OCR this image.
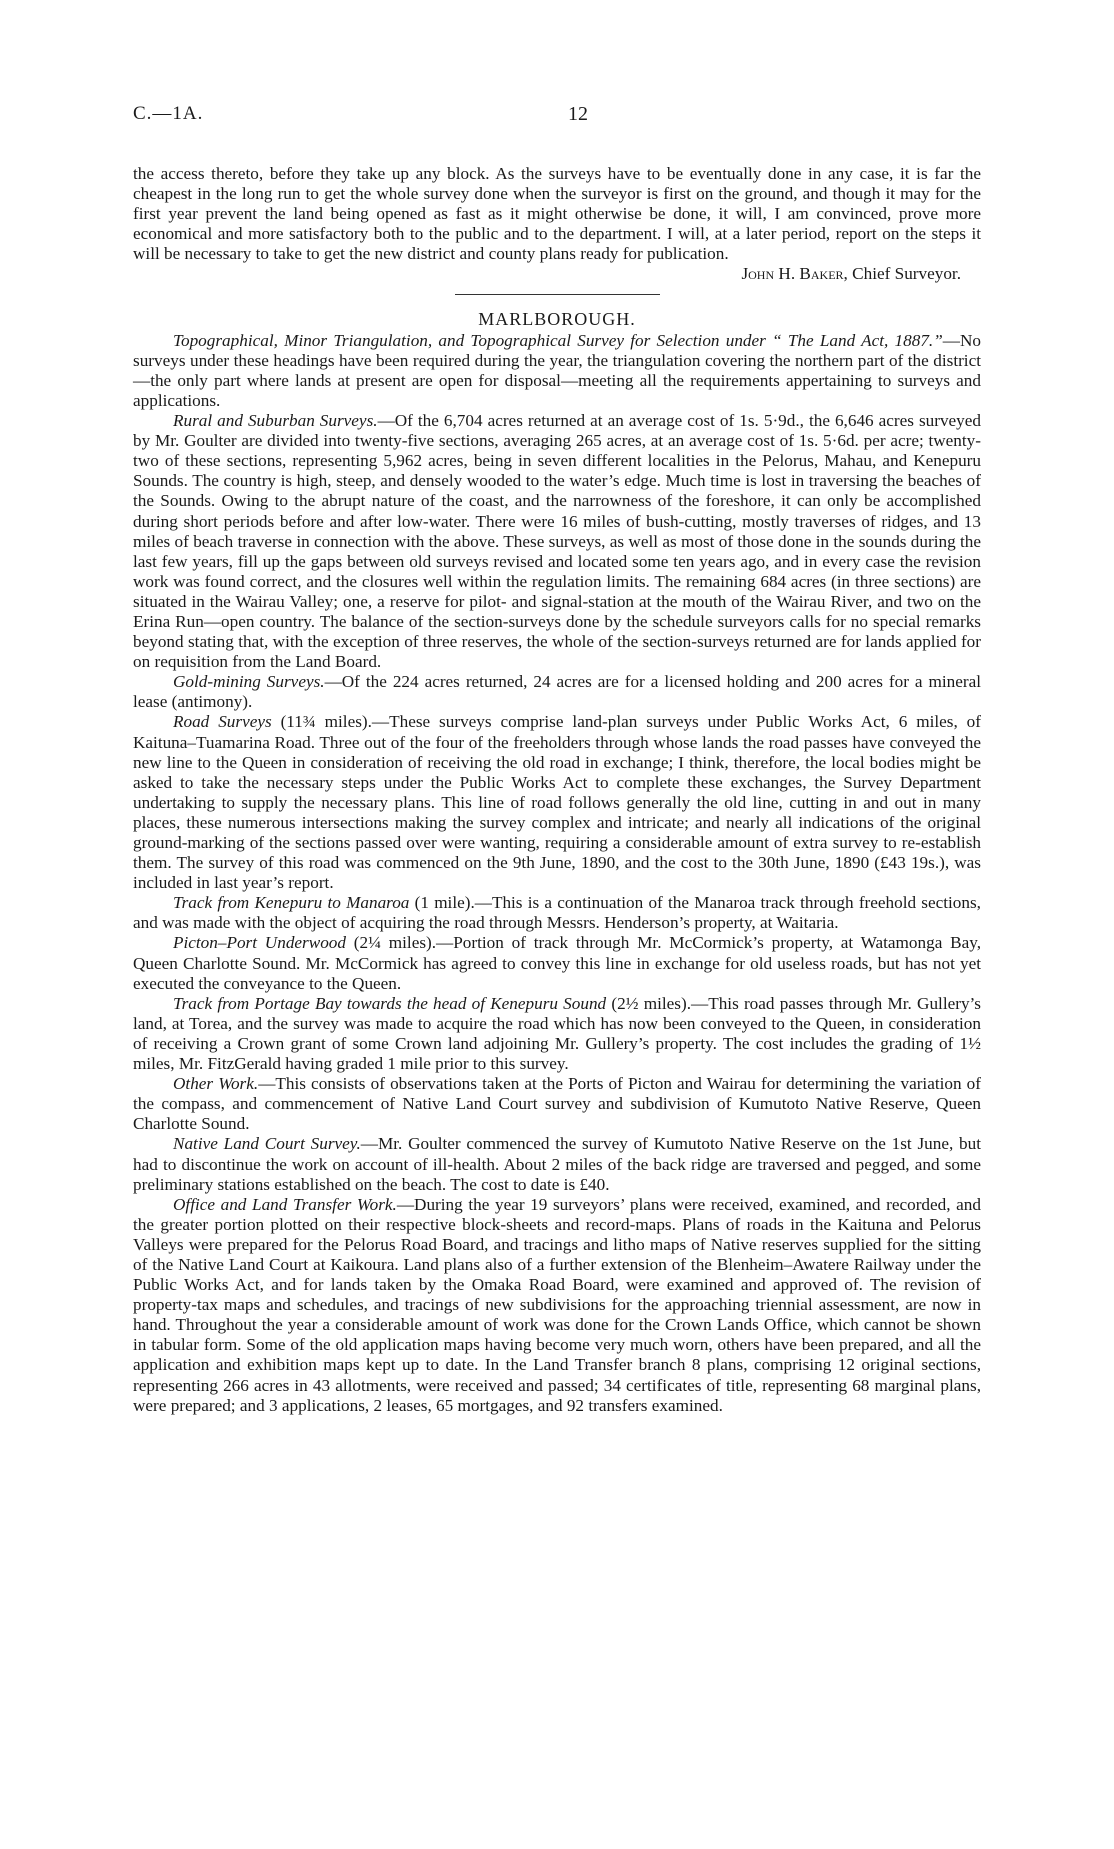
C.—1A.	12

the access thereto, before they take up any block. As the surveys have to be eventually done in any case, it is far the cheapest in the long run to get the whole survey done when the surveyor is first on the ground, and though it may for the first year prevent the land being opened as fast as it might otherwise be done, it will, I am convinced, prove more economical and more satisfactory both to the public and to the department. I will, at a later period, report on the steps it will be necessary to take to get the new district and county plans ready for publication.

John H. Baker, Chief Surveyor.

MARLBOROUGH.

Topographical, Minor Triangulation, and Topographical Survey for Selection under “ The Land Act, 1887.”—No surveys under these headings have been required during the year, the triangulation covering the northern part of the district—the only part where lands at present are open for disposal—meeting all the requirements appertaining to surveys and applications.

Rural and Suburban Surveys.—Of the 6,704 acres returned at an average cost of 1s. 5·9d., the 6,646 acres surveyed by Mr. Goulter are divided into twenty-five sections, averaging 265 acres, at an average cost of 1s. 5·6d. per acre; twenty-two of these sections, representing 5,962 acres, being in seven different localities in the Pelorus, Mahau, and Kenepuru Sounds. The country is high, steep, and densely wooded to the water’s edge. Much time is lost in traversing the beaches of the Sounds. Owing to the abrupt nature of the coast, and the narrowness of the foreshore, it can only be accomplished during short periods before and after low-water. There were 16 miles of bush-cutting, mostly traverses of ridges, and 13 miles of beach traverse in connection with the above. These surveys, as well as most of those done in the sounds during the last few years, fill up the gaps between old surveys revised and located some ten years ago, and in every case the revision work was found correct, and the closures well within the regulation limits. The remaining 684 acres (in three sections) are situated in the Wairau Valley; one, a reserve for pilot- and signal-station at the mouth of the Wairau River, and two on the Erina Run—open country. The balance of the section-surveys done by the schedule surveyors calls for no special remarks beyond stating that, with the exception of three reserves, the whole of the section-surveys returned are for lands applied for on requisition from the Land Board.

Gold-mining Surveys.—Of the 224 acres returned, 24 acres are for a licensed holding and 200 acres for a mineral lease (antimony).

Road Surveys (11¾ miles).—These surveys comprise land-plan surveys under Public Works Act, 6 miles, of Kaituna–Tuamarina Road. Three out of the four of the freeholders through whose lands the road passes have conveyed the new line to the Queen in consideration of receiving the old road in exchange; I think, therefore, the local bodies might be asked to take the necessary steps under the Public Works Act to complete these exchanges, the Survey Department undertaking to supply the necessary plans. This line of road follows generally the old line, cutting in and out in many places, these numerous intersections making the survey complex and intricate; and nearly all indications of the original ground-marking of the sections passed over were wanting, requiring a considerable amount of extra survey to re-establish them. The survey of this road was commenced on the 9th June, 1890, and the cost to the 30th June, 1890 (£43 19s.), was included in last year’s report.

Track from Kenepuru to Manaroa (1 mile).—This is a continuation of the Manaroa track through freehold sections, and was made with the object of acquiring the road through Messrs. Henderson’s property, at Waitaria.

Picton–Port Underwood (2¼ miles).—Portion of track through Mr. McCormick’s property, at Watamonga Bay, Queen Charlotte Sound. Mr. McCormick has agreed to convey this line in exchange for old useless roads, but has not yet executed the conveyance to the Queen.

Track from Portage Bay towards the head of Kenepuru Sound (2½ miles).—This road passes through Mr. Gullery’s land, at Torea, and the survey was made to acquire the road which has now been conveyed to the Queen, in consideration of receiving a Crown grant of some Crown land adjoining Mr. Gullery’s property. The cost includes the grading of 1½ miles, Mr. FitzGerald having graded 1 mile prior to this survey.

Other Work.—This consists of observations taken at the Ports of Picton and Wairau for determining the variation of the compass, and commencement of Native Land Court survey and subdivision of Kumutoto Native Reserve, Queen Charlotte Sound.

Native Land Court Survey.—Mr. Goulter commenced the survey of Kumutoto Native Reserve on the 1st June, but had to discontinue the work on account of ill-health. About 2 miles of the back ridge are traversed and pegged, and some preliminary stations established on the beach. The cost to date is £40.

Office and Land Transfer Work.—During the year 19 surveyors’ plans were received, examined, and recorded, and the greater portion plotted on their respective block-sheets and record-maps. Plans of roads in the Kaituna and Pelorus Valleys were prepared for the Pelorus Road Board, and tracings and litho maps of Native reserves supplied for the sitting of the Native Land Court at Kaikoura. Land plans also of a further extension of the Blenheim–Awatere Railway under the Public Works Act, and for lands taken by the Omaka Road Board, were examined and approved of. The revision of property-tax maps and schedules, and tracings of new subdivisions for the approaching triennial assessment, are now in hand. Throughout the year a considerable amount of work was done for the Crown Lands Office, which cannot be shown in tabular form. Some of the old application maps having become very much worn, others have been prepared, and all the application and exhibition maps kept up to date. In the Land Transfer branch 8 plans, comprising 12 original sections, representing 266 acres in 43 allotments, were received and passed; 34 certificates of title, representing 68 marginal plans, were prepared; and 3 applications, 2 leases, 65 mortgages, and 92 transfers examined.
